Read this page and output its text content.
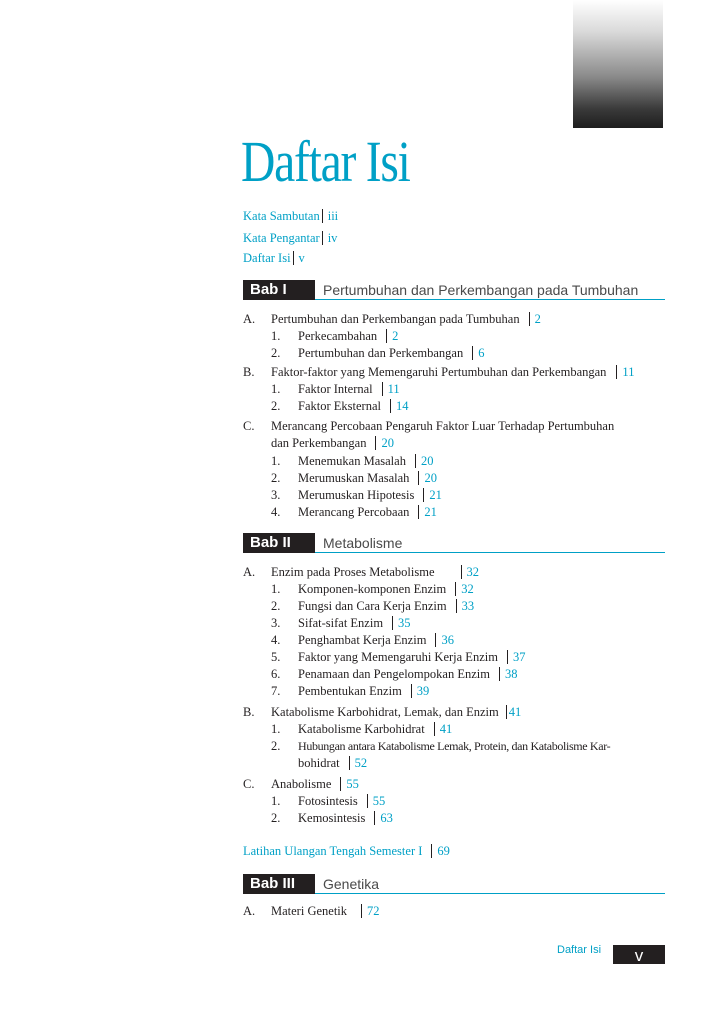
Daftar Isi
Kata Sambutan iii
Kata Pengantar iv
Daftar Isi v
Bab I	Pertumbuhan dan Perkembangan pada Tumbuhan
A. Pertumbuhan dan Perkembangan pada Tumbuhan 2
1. Perkecambahan 2
2. Pertumbuhan dan Perkembangan 6
B. Faktor-faktor yang Memengaruhi Pertumbuhan dan Perkembangan 11
1. Faktor Internal 11
2. Faktor Eksternal 14
C. Merancang Percobaan Pengaruh Faktor Luar Terhadap Pertumbuhan
dan Perkembangan 20
1. Menemukan Masalah 20
2. Merumuskan Masalah 20
3. Merumuskan Hipotesis 21
4. Merancang Percobaan 21
Bab II	Metabolisme
A. Enzim pada Proses Metabolisme	32
1. Komponen-komponen Enzim 32
2. Fungsi dan Cara Kerja Enzim 33
3. Sifat-sifat Enzim 35
4. Penghambat Kerja Enzim 36
5. Faktor yang Memengaruhi Kerja Enzim 37
6. Penamaan dan Pengelompokan Enzim 38
7. Pembentukan Enzim 39
B. Katabolisme Karbohidrat, Lemak, dan Enzim 41
1. Katabolisme Karbohidrat 41
2. Hubungan antara Katabolisme Lemak, Protein, dan Katabolisme Kar-
bohidrat 52
C. Anabolisme 55
1. Fotosintesis 55
2. Kemosintesis 63
Latihan Ulangan Tengah Semester I 69
Bab III	Genetika
A. Materi Genetik 72
Daftar Isi	v
